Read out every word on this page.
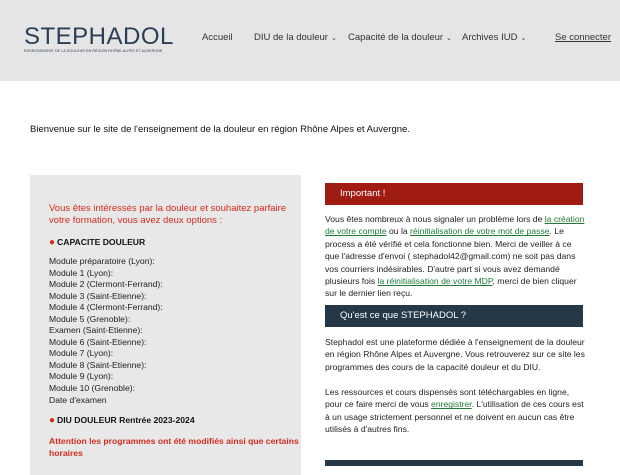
STEPHADOL
ENSEIGNEMENT DE LA DOULEUR EN RÉGION RHÔNE ALPES ET AUVERGNE
Accueil DIU de la douleur ⌄ Capacité de la douleur ⌄ Archives IUD ⌄	Se connecter
Bienvenue sur le site de l'enseignement de la douleur en région Rhône Alpes et Auvergne.
Vous êtes intéressés par la douleur et souhaitez parfaire votre formation, vous avez deux options :
● CAPACITE DOULEUR
Module préparatoire (Lyon):
Module 1 (Lyon):
Module 2 (Clermont-Ferrand):
Module 3 (Saint-Etienne):
Module 4 (Clermont-Ferrand):
Module 5 (Grenoble):
Examen (Saint-Etienne):
Module 6 (Saint-Etienne):
Module 7 (Lyon):
Module 8 (Saint-Etienne):
Module 9 (Lyon):
Module 10 (Grenoble):
Date d'examen
● DIU DOULEUR Rentrée 2023-2024
Attention les programmes ont été modifiés ainsi que certains horaires
Important !
Vous êtes nombreux à nous signaler un problème lors de la création de votre compte ou la réinitialisation de votre mot de passe. Le process a été vérifié et cela fonctionne bien. Merci de veiller à ce que l'adresse d'envoi ( stephadol42@gmail.com) ne soit pas dans vos courriers indésirables. D'autre part si vous avez demandé plusieurs fois la réinitialisation de votre MDP, merci de bien cliquer sur le dernier lien reçu.
Qu'est ce que STEPHADOL ?
Stephadol est une plateforme dédiée à l'enseignement de la douleur en région Rhône Alpes et Auvergne. Vous retrouverez sur ce site les programmes des cours de la capacité douleur et du DIU.
Les ressources et cours dispensés sont téléchargables en ligne, pour ce faire merci de vous enregistrer. L'utilisation de ces cours est à un usage strictement personnel et ne doivent en aucun cas être utilisés à d'autres fins.
